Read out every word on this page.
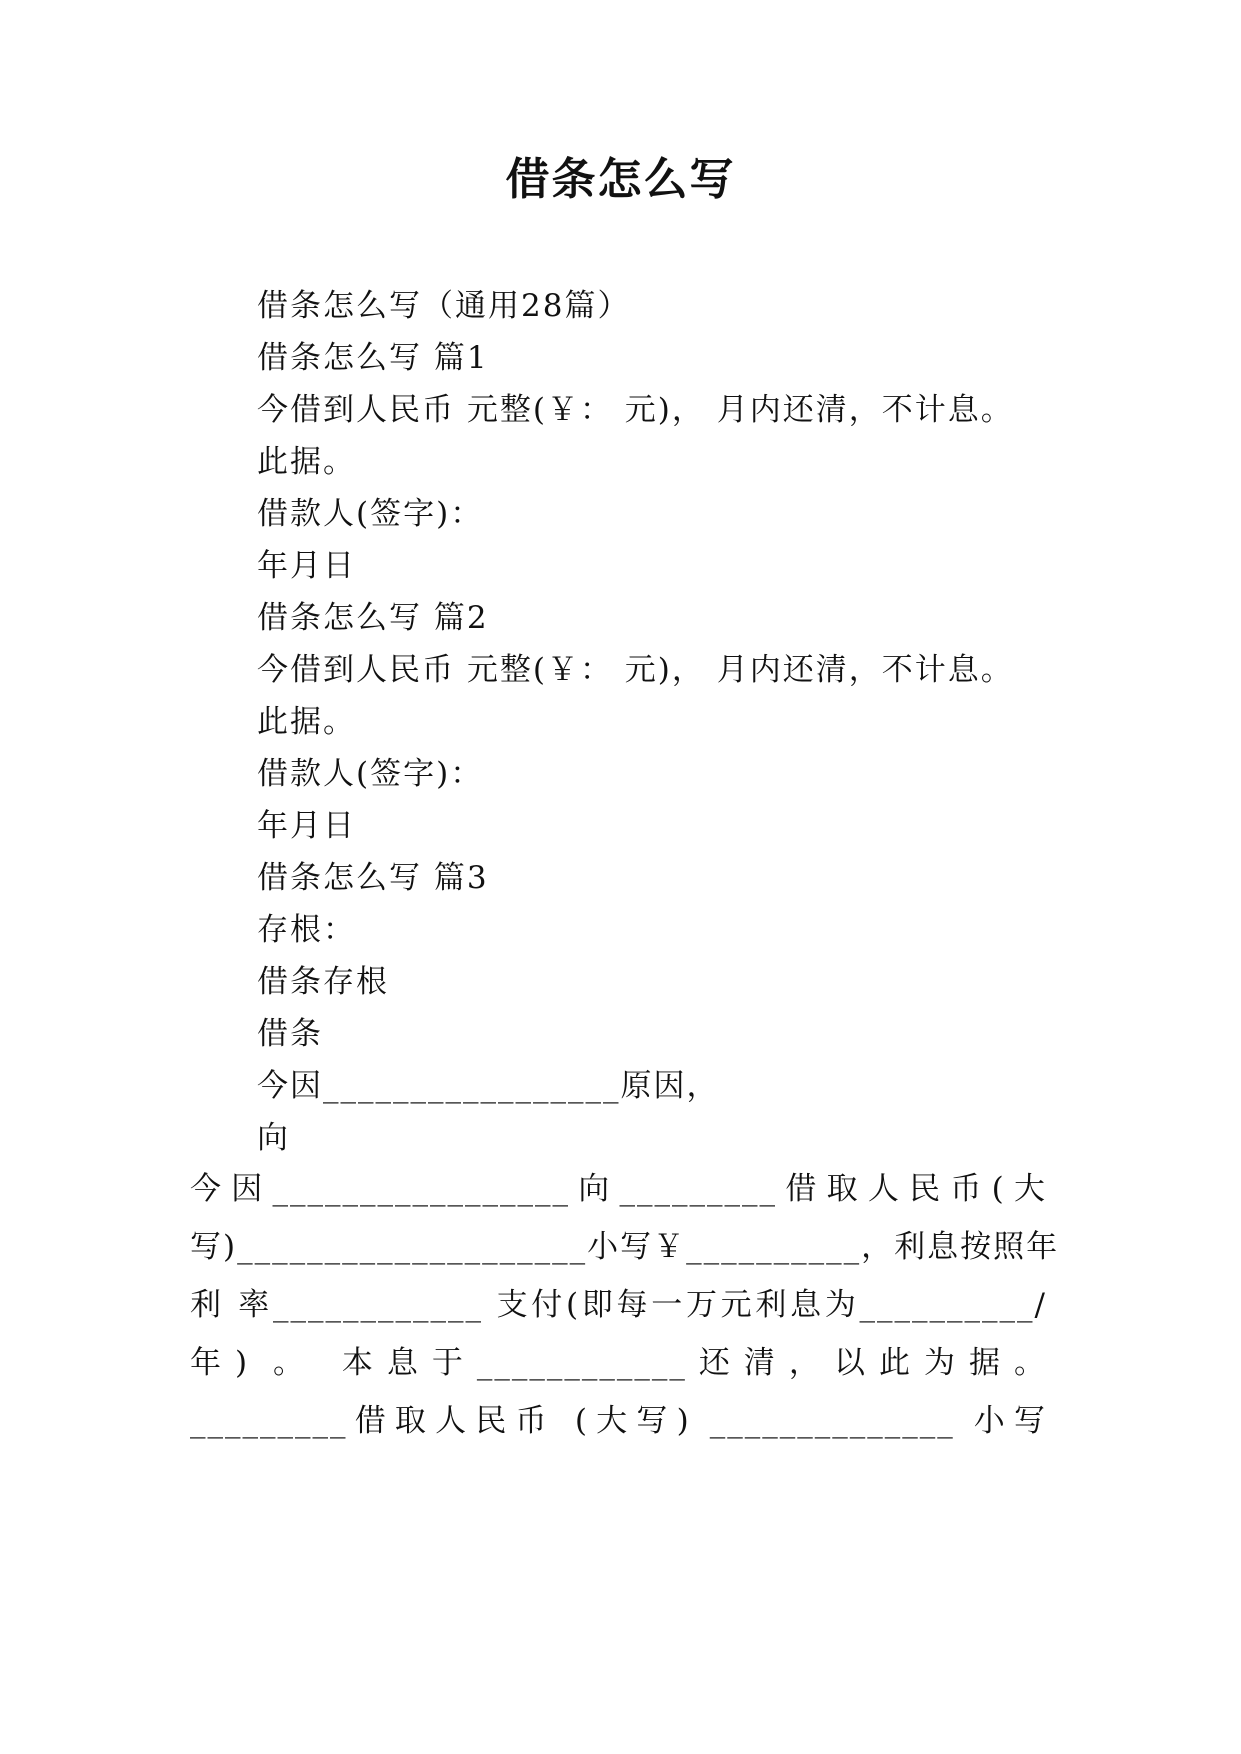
借条怎么写
借条怎么写（通用28篇）
借条怎么写 篇1
今借到人民币 元整(￥： 元)， 月内还清，不计息。
此据。
借款人(签字)：
年月日
借条怎么写 篇2
今借到人民币 元整(￥： 元)， 月内还清，不计息。
此据。
借款人(签字)：
年月日
借条怎么写 篇3
存根：
借条存根
借条
今因_________________原因，
向
今因_________________向_________借取人民币(大
写)____________________小写￥__________，利息按照年
利 率____________ 支付(即每一万元利息为__________/
年) 。 本息于____________还清，以此为据。
_________借取人民币 (大写) ______________ 小写
